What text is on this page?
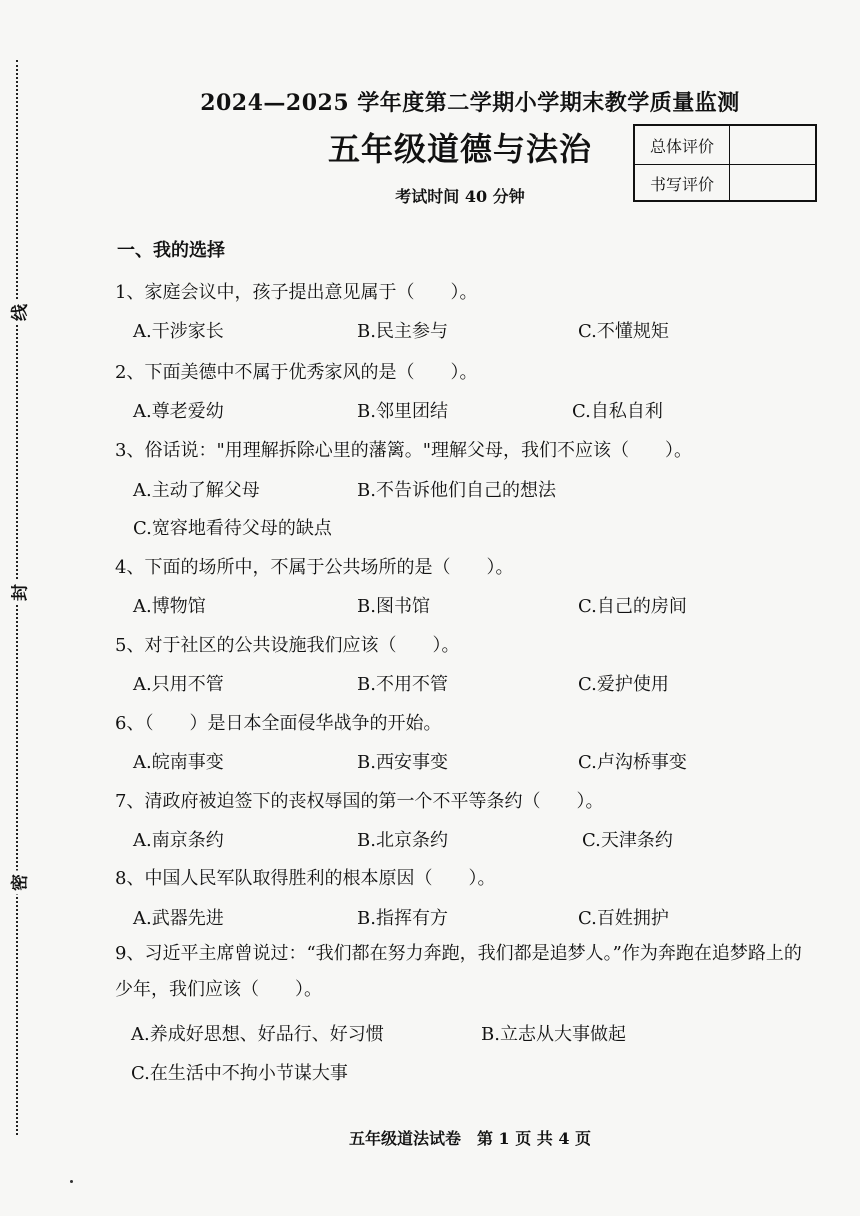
线
封
密
2024—2025 学年度第二学期小学期末教学质量监测
五年级道德与法治
考试时间 40 分钟
总体评价
书写评价
一、我的选择
1、家庭会议中，孩子提出意见属于（　　）。
A.干涉家长	B.民主参与	C.不懂规矩
2、下面美德中不属于优秀家风的是（　　）。
A.尊老爱幼	B.邻里团结	C.自私自利
3、俗话说："用理解拆除心里的藩篱。"理解父母，我们不应该（　　）。
A.主动了解父母	B.不告诉他们自己的想法
C.宽容地看待父母的缺点
4、下面的场所中，不属于公共场所的是（　　）。
A.博物馆	B.图书馆	C.自己的房间
5、对于社区的公共设施我们应该（　　）。
A.只用不管	B.不用不管	C.爱护使用
6、（　　）是日本全面侵华战争的开始。
A.皖南事变	B.西安事变	C.卢沟桥事变
7、清政府被迫签下的丧权辱国的第一个不平等条约（　　）。
A.南京条约	B.北京条约	C.天津条约
8、中国人民军队取得胜利的根本原因（　　）。
A.武器先进	B.指挥有方	C.百姓拥护
9、习近平主席曾说过：“我们都在努力奔跑，我们都是追梦人。”作为奔跑在追梦路上的少年，我们应该（　　）。
A.养成好思想、好品行、好习惯	B.立志从大事做起
C.在生活中不拘小节谋大事
五年级道法试卷　第 1 页 共 4 页
